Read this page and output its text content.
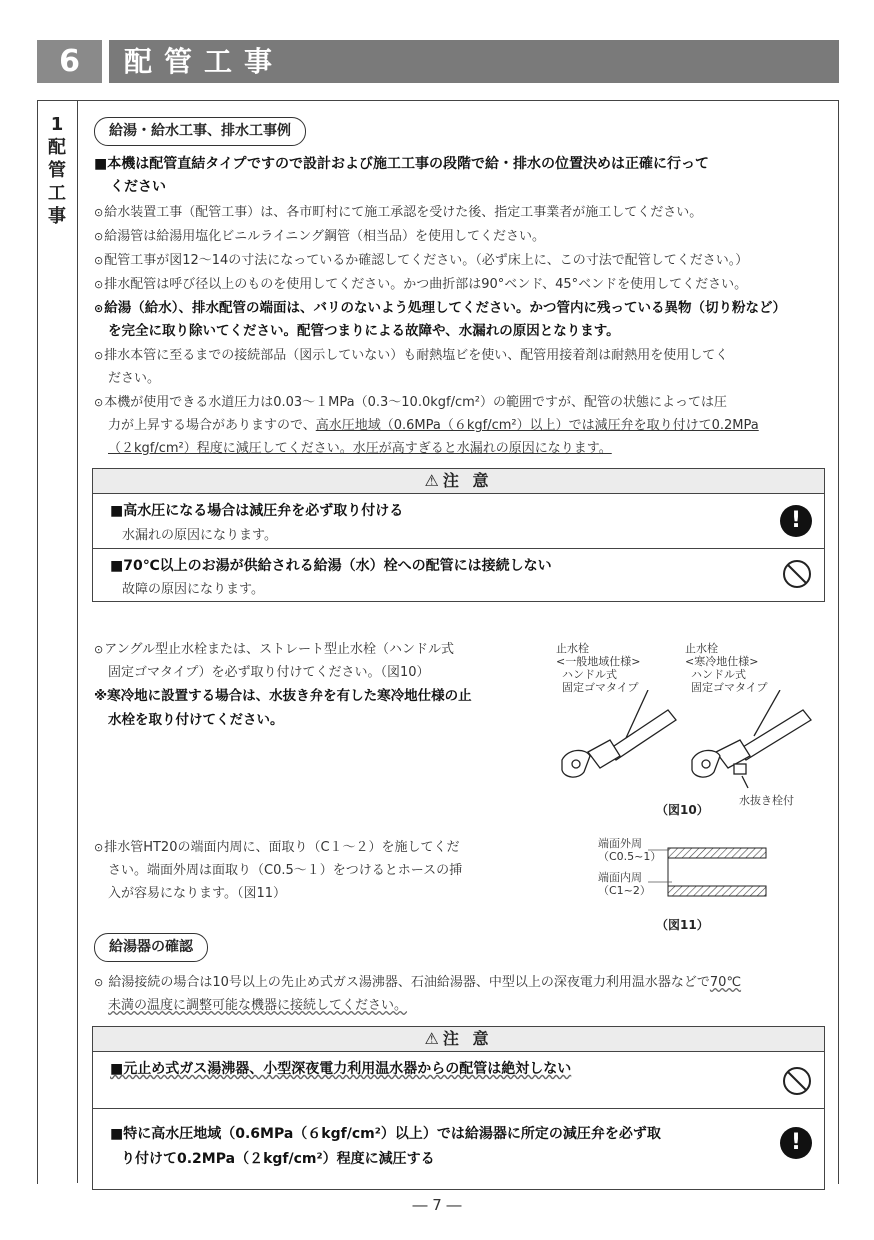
6	配管工事
1
配
管
工
事
給湯・給水工事、排水工事例
■本機は配管直結タイプですので設計および施工工事の段階で給・排水の位置決めは正確に行って
ください
⊙ 給水装置工事（配管工事）は、各市町村にて施工承認を受けた後、指定工事業者が施工してください。
⊙ 給湯管は給湯用塩化ビニルライニング鋼管（相当品）を使用してください。
⊙ 配管工事が図12～14の寸法になっているか確認してください。（必ず床上に、この寸法で配管してください。）
⊙ 排水配管は呼び径以上のものを使用してください。かつ曲折部は90°ベンド、45°ベンドを使用してください。
⊙ 給湯（給水）、排水配管の端面は、バリのないよう処理してください。かつ管内に残っている異物（切り粉など）
を完全に取り除いてください。配管つまりによる故障や、水漏れの原因となります。
⊙ 排水本管に至るまでの接続部品（図示していない）も耐熱塩ビを使い、配管用接着剤は耐熱用を使用してく
ださい。
⊙ 本機が使用できる水道圧力は0.03～１MPa（0.3～10.0kgf/cm²）の範囲ですが、配管の状態によっては圧
力が上昇する場合がありますので、高水圧地域（0.6MPa（６kgf/cm²）以上）では減圧弁を取り付けて0.2MPa
（２kgf/cm²）程度に減圧してください。水圧が高すぎると水漏れの原因になります。
⚠注 意
■高水圧になる場合は減圧弁を必ず取り付ける
水漏れの原因になります。
!
■70℃以上のお湯が供給される給湯（水）栓への配管には接続しない
故障の原因になります。
⊙ アングル型止水栓または、ストレート型止水栓（ハンドル式
固定ゴマタイプ）を必ず取り付けてください。（図10）
※寒冷地に設置する場合は、水抜き弁を有した寒冷地仕様の止
水栓を取り付けてください。
止水栓
<一般地域仕様>
ハンドル式
固定ゴマタイプ
止水栓
<寒冷地仕様>
ハンドル式
固定ゴマタイプ
水抜き栓付
（図10）
⊙ 排水管HT20の端面内周に、面取り（C１～２）を施してくだ
さい。端面外周は面取り（C0.5～１）をつけるとホースの挿
入が容易になります。（図11）
端面外周
（C0.5~1）
端面内周
（C1~2）
（図11）
給湯器の確認
⊙ 給湯接続の場合は10号以上の先止め式ガス湯沸器、石油給湯器、中型以上の深夜電力利用温水器などで70℃
未満の温度に調整可能な機器に接続してください。
⚠注 意
■元止め式ガス湯沸器、小型深夜電力利用温水器からの配管は絶対しない
■特に高水圧地域（0.6MPa（６kgf/cm²）以上）では給湯器に所定の減圧弁を必ず取
り付けて0.2MPa（２kgf/cm²）程度に減圧する
!
― 7 ―
